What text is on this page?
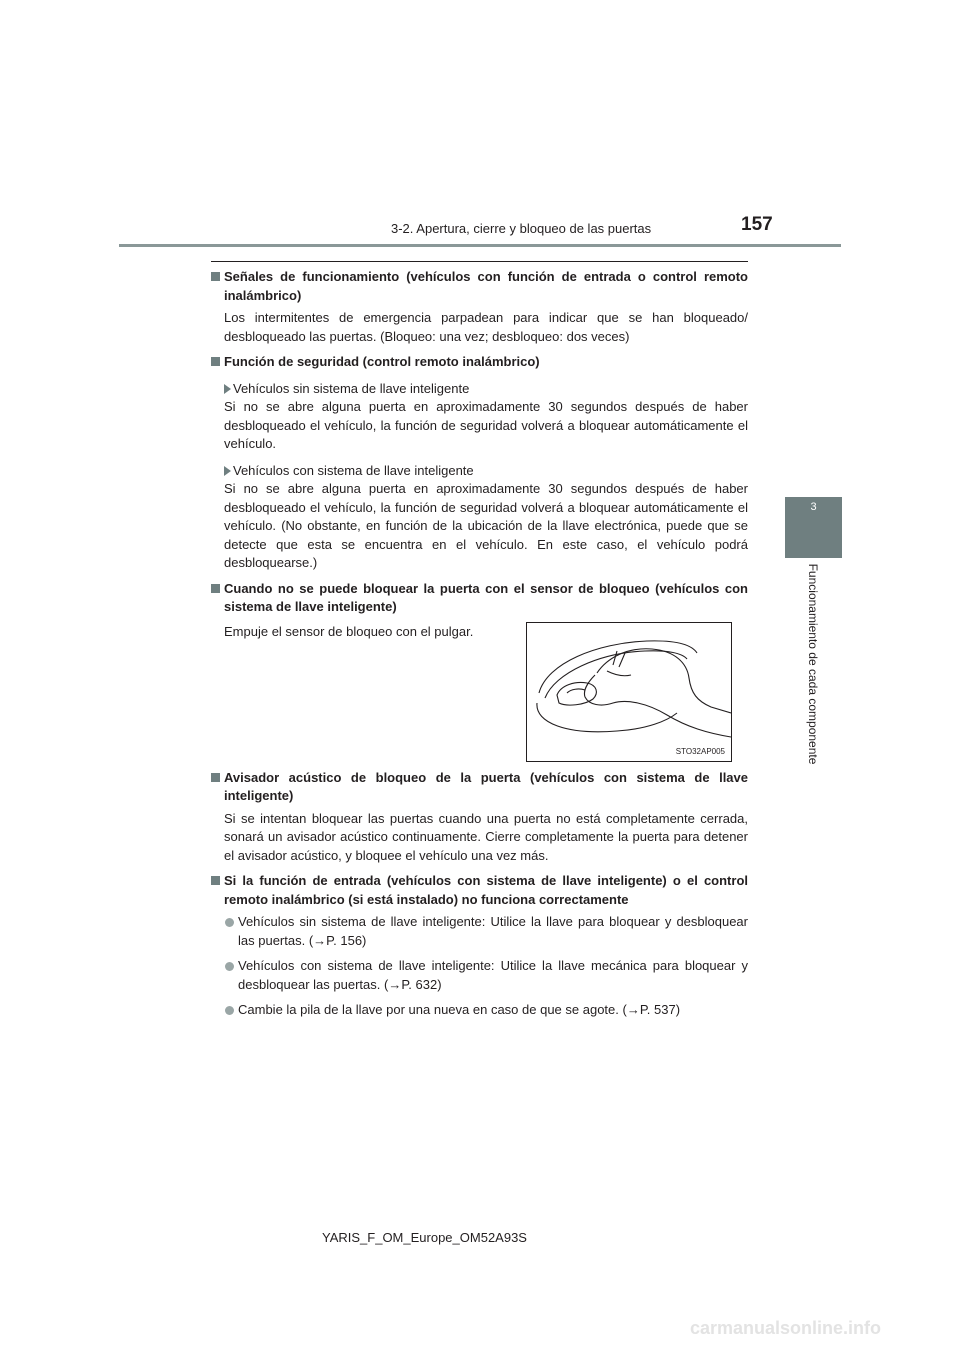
3-2. Apertura, cierre y bloqueo de las puertas	157
3
Funcionamiento de cada componente
Señales de funcionamiento (vehículos con función de entrada o control remoto inalámbrico)
Los intermitentes de emergencia parpadean para indicar que se han bloqueado/ desbloqueado las puertas. (Bloqueo: una vez; desbloqueo: dos veces)
Función de seguridad (control remoto inalámbrico)
Vehículos sin sistema de llave inteligente
Si no se abre alguna puerta en aproximadamente 30 segundos después de haber desbloqueado el vehículo, la función de seguridad volverá a bloquear automáticamente el vehículo.
Vehículos con sistema de llave inteligente
Si no se abre alguna puerta en aproximadamente 30 segundos después de haber desbloqueado el vehículo, la función de seguridad volverá a bloquear automáticamente el vehículo. (No obstante, en función de la ubicación de la llave electrónica, puede que se detecte que esta se encuentra en el vehículo. En este caso, el vehículo podrá desbloquearse.)
Cuando no se puede bloquear la puerta con el sensor de bloqueo (vehículos con sistema de llave inteligente)
Empuje el sensor de bloqueo con el pulgar.
STO32AP005
Avisador acústico de bloqueo de la puerta (vehículos con sistema de llave inteligente)
Si se intentan bloquear las puertas cuando una puerta no está completamente cerrada, sonará un avisador acústico continuamente. Cierre completamente la puerta para detener el avisador acústico, y bloquee el vehículo una vez más.
Si la función de entrada (vehículos con sistema de llave inteligente) o el control remoto inalámbrico (si está instalado) no funciona correctamente
Vehículos sin sistema de llave inteligente: Utilice la llave para bloquear y desbloquear las puertas. (→P. 156)
Vehículos con sistema de llave inteligente: Utilice la llave mecánica para bloquear y desbloquear las puertas. (→P. 632)
Cambie la pila de la llave por una nueva en caso de que se agote. (→P. 537)
YARIS_F_OM_Europe_OM52A93S
carmanualsonline.info
